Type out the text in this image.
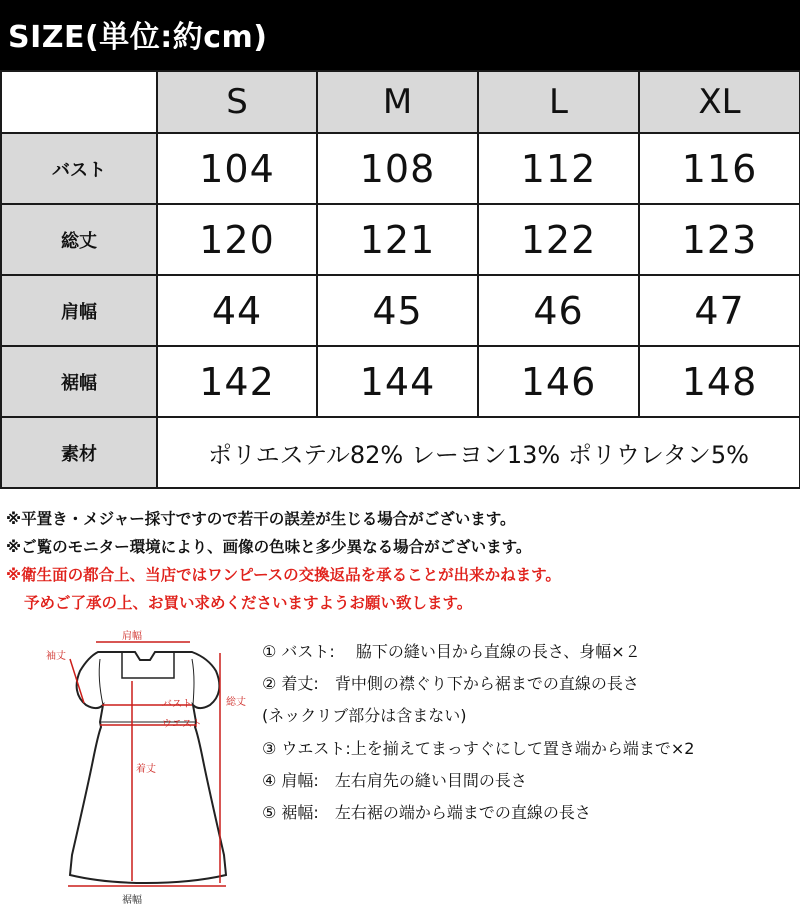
SIZE(単位:約cm)
	S	M	L	XL
バスト	104	108	112	116
総丈	120	121	122	123
肩幅	44	45	46	47
裾幅	142	144	146	148
素材	ポリエステル82% レーヨン13% ポリウレタン5%			
※平置き・メジャー採寸ですので若干の誤差が生じる場合がございます。
※ご覧のモニター環境により、画像の色味と多少異なる場合がございます。
※衛生面の都合上、当店ではワンピースの交換返品を承ることが出来かねます。
予めご了承の上、お買い求めくださいますようお願い致します。
肩幅
袖丈
バスト
ウエスト
着丈
総丈
裾幅
① バスト:　 脇下の縫い目から直線の長さ、身幅×２
② 着丈:　背中側の襟ぐり下から裾までの直線の長さ
(ネックリブ部分は含まない)
③ ウエスト:上を揃えてまっすぐにして置き端から端まで×2
④ 肩幅:　左右肩先の縫い目間の長さ
⑤ 裾幅:　左右裾の端から端までの直線の長さ
